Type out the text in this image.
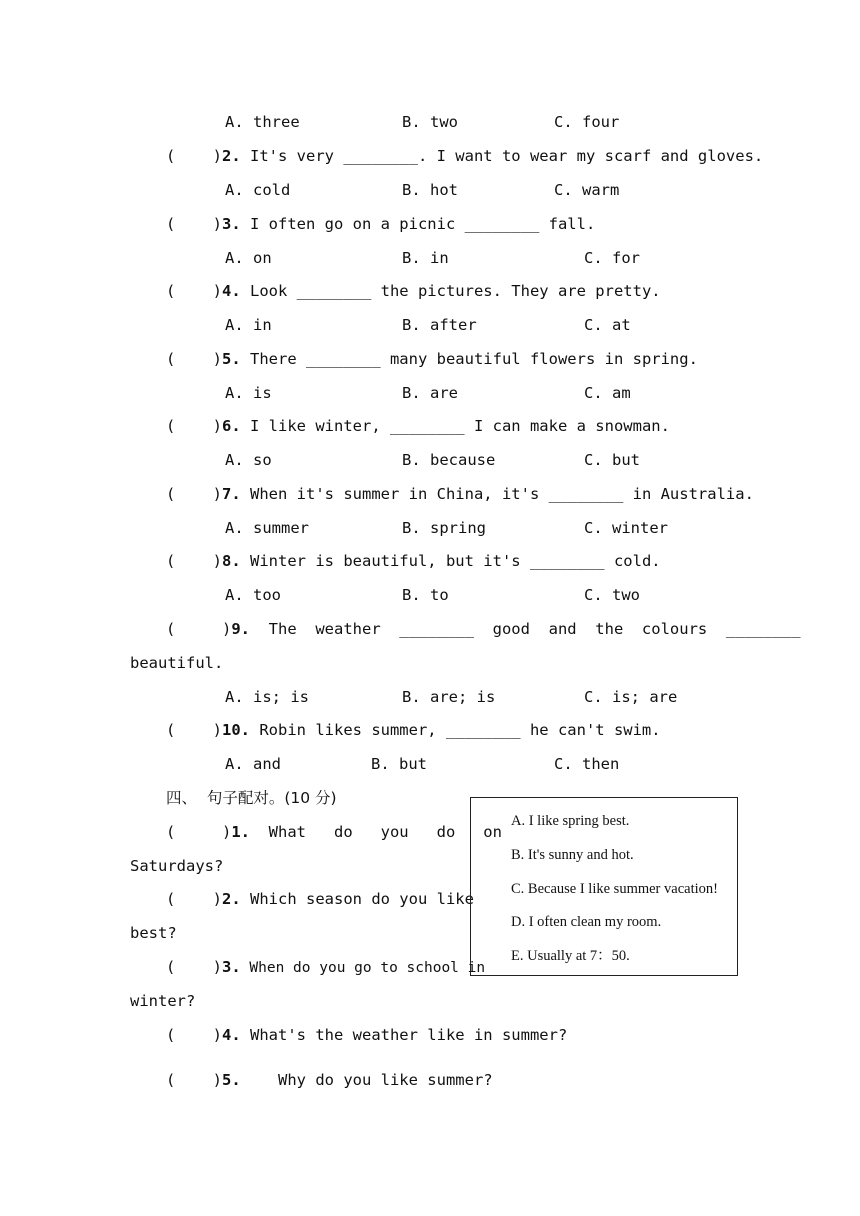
A. three	B. two	C. four
(    )2. It's very ________. I want to wear my scarf and gloves.
A. cold	B. hot	C. warm
(    )3. I often go on a picnic ________ fall.
A. on	B. in	C. for
(    )4. Look ________ the pictures. They are pretty.
A. in	B. after	C. at
(    )5. There ________ many beautiful flowers in spring.
A. is	B. are	C. am
(    )6. I like winter, ________ I can make a snowman.
A. so	B. because	C. but
(    )7. When it's summer in China, it's ________ in Australia.
A. summer	B. spring	C. winter
(    )8. Winter is beautiful, but it's ________ cold.
A. too	B. to	C. two
(     )9.  The  weather  ________  good  and  the  colours  ________
beautiful.
A. is; is	B. are; is	C. is; are
(    )10. Robin likes summer, ________ he can't swim.
A. and	B. but	C. then
四、  句子配对。(10 分)
(     )1.  What   do   you   do   on
Saturdays?
(    )2. Which season do you like
best?
(    )3. When do you go to school in
winter?
(    )4. What's the weather like in summer?
(    )5.    Why do you like summer?
A. I like spring best.
B. It's sunny and hot.
C. Because I like summer vacation!
D. I often clean my room.
E. Usually at 7：50.
